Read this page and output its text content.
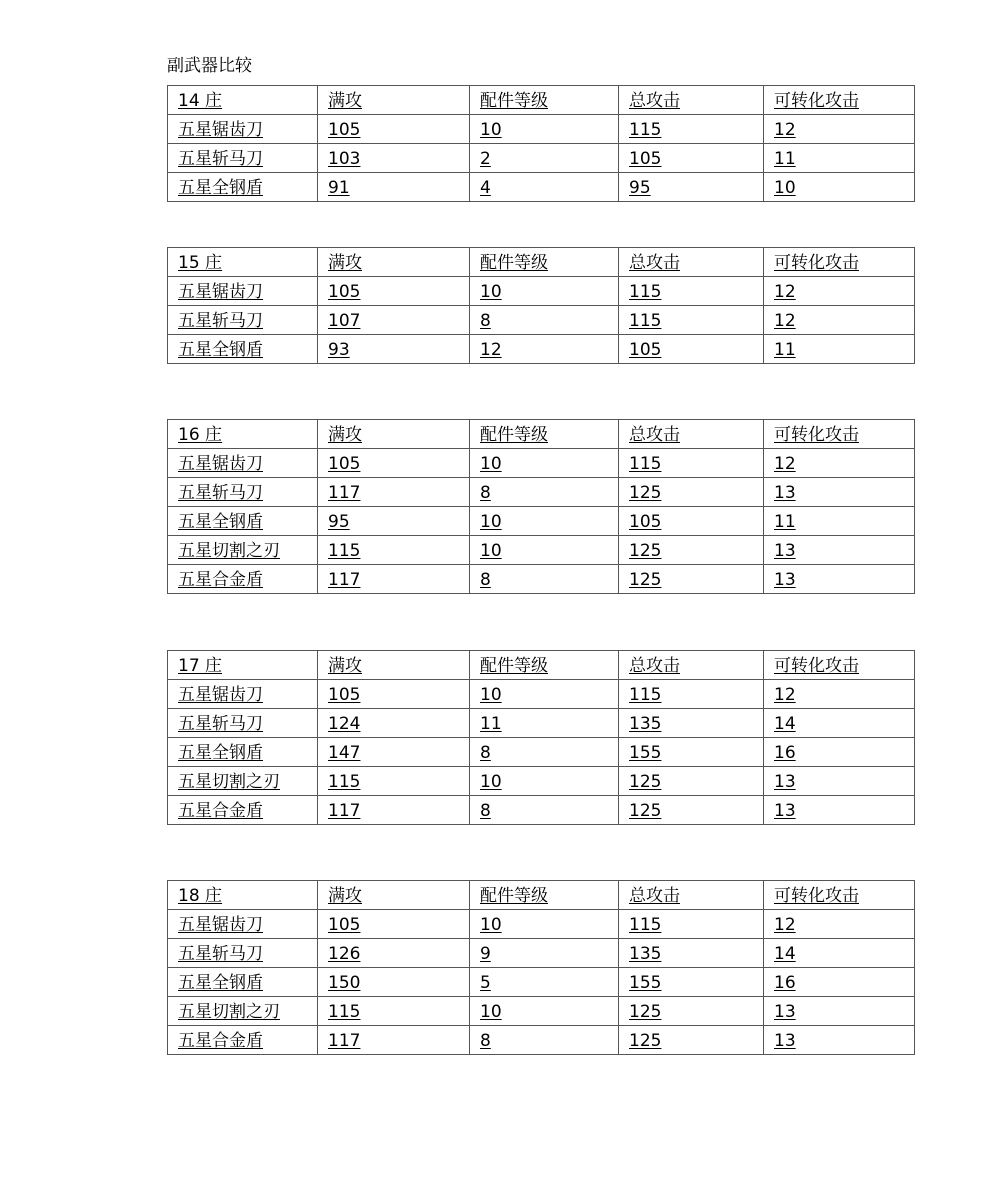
副武器比较
14 庄	满攻	配件等级	总攻击	可转化攻击
五星锯齿刀	105	10	115	12
五星斩马刀	103	2	105	11
五星全钢盾	91	4	95	10
15 庄	满攻	配件等级	总攻击	可转化攻击
五星锯齿刀	105	10	115	12
五星斩马刀	107	8	115	12
五星全钢盾	93	12	105	11
16 庄	满攻	配件等级	总攻击	可转化攻击
五星锯齿刀	105	10	115	12
五星斩马刀	117	8	125	13
五星全钢盾	95	10	105	11
五星切割之刃	115	10	125	13
五星合金盾	117	8	125	13
17 庄	满攻	配件等级	总攻击	可转化攻击
五星锯齿刀	105	10	115	12
五星斩马刀	124	11	135	14
五星全钢盾	147	8	155	16
五星切割之刃	115	10	125	13
五星合金盾	117	8	125	13
18 庄	满攻	配件等级	总攻击	可转化攻击
五星锯齿刀	105	10	115	12
五星斩马刀	126	9	135	14
五星全钢盾	150	5	155	16
五星切割之刃	115	10	125	13
五星合金盾	117	8	125	13
